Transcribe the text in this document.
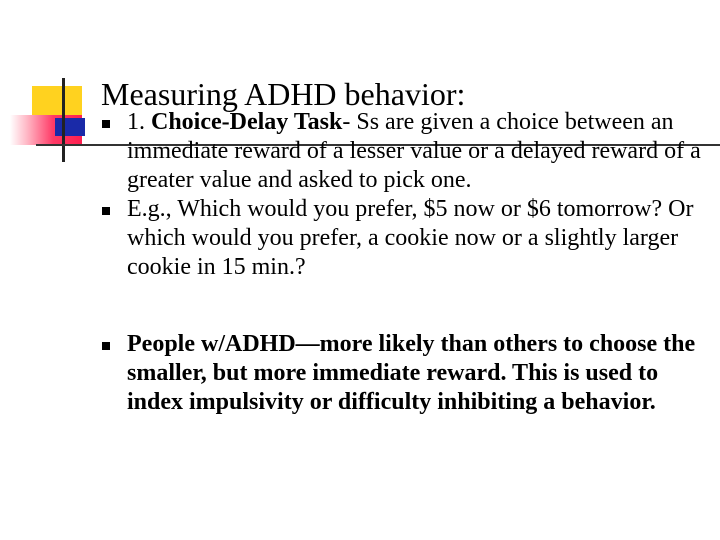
Measuring ADHD behavior:
1. Choice-Delay Task- Ss are given a choice between an immediate reward of a lesser value or a delayed reward of a greater value and asked to pick one.
E.g., Which would you prefer, $5 now or $6 tomorrow? Or which would you prefer, a cookie now or a slightly larger cookie in 15 min.?
People w/ADHD—more likely than others to choose the smaller, but more immediate reward. This is used to index impulsivity or difficulty inhibiting a behavior.
